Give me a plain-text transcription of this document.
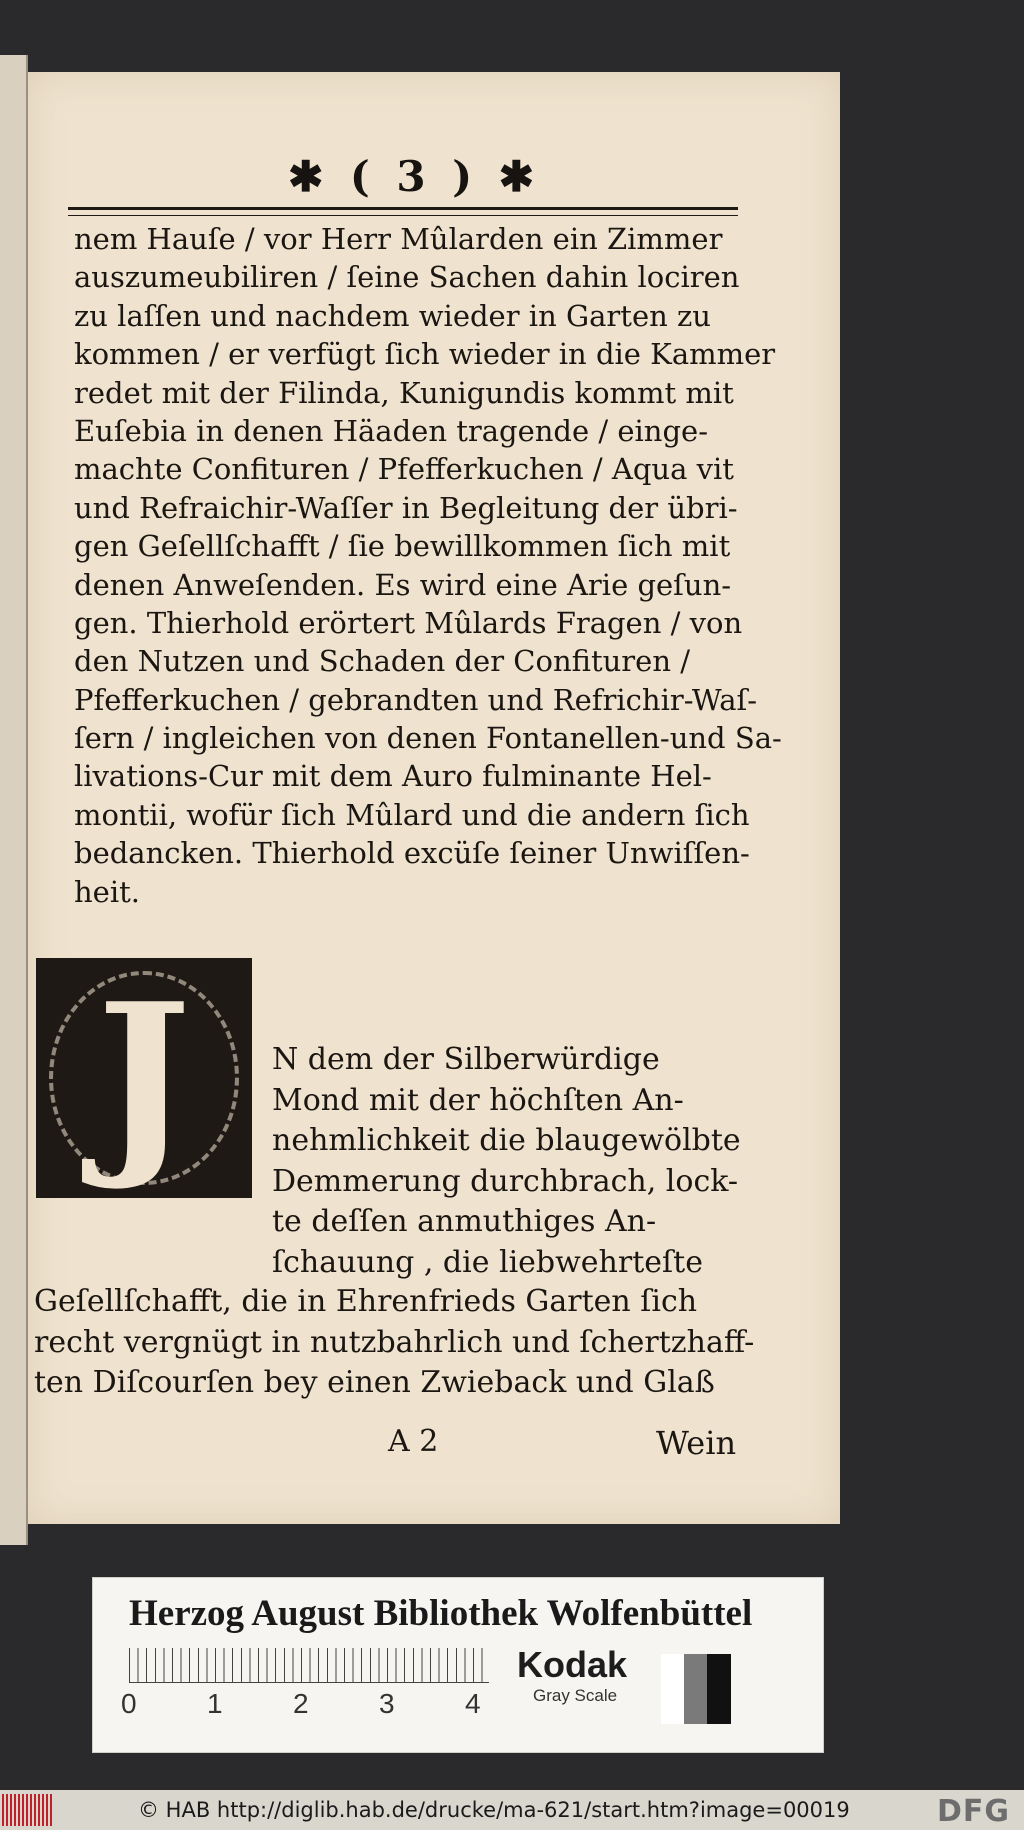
✱ ( 3 ) ✱
nem Hauſe / vor Herr Mûlarden ein Zimmer
auszumeubiliren / ſeine Sachen dahin lociren
zu laſſen und nachdem wieder in Garten zu
kommen / er verfügt ſich wieder in die Kammer
redet mit der Filinda, Kunigundis kommt mit
Euſebia in denen Häaden tragende / einge-
machte Confituren / Pfefferkuchen / Aqua vit
und Refraichir-Waſſer in Begleitung der übri-
gen Geſellſchafft / ſie bewillkommen ſich mit
denen Anweſenden. Es wird eine Arie geſun-
gen. Thierhold erörtert Mûlards Fragen / von
den Nutzen und Schaden der Confituren /
Pfefferkuchen / gebrandten und Refrichir-Waſ-
ſern / ingleichen von denen Fontanellen-und Sa-
livations-Cur mit dem Auro fulminante Hel-
montii, wofür ſich Mûlard und die andern ſich
bedancken. Thierhold excüſe ſeiner Unwiſſen-
heit.
J	N dem der Silberwürdige
Mond mit der höchſten An-
nehmlichkeit die blaugewölbte
Demmerung durchbrach, lock-
te deſſen anmuthiges An-
ſchauung , die liebwehrteſte
Geſellſchafft, die in Ehrenfrieds Garten ſich
recht vergnügt in nutzbahrlich und ſchertzhaff-
ten Diſcourſen bey einen Zwieback und Glaß
A 2	Wein
Herzog August Bibliothek Wolfenbüttel
0	1	2	3	4
Kodak
Gray Scale
© HAB http://diglib.hab.de/drucke/ma-621/start.htm?image=00019	DFG
